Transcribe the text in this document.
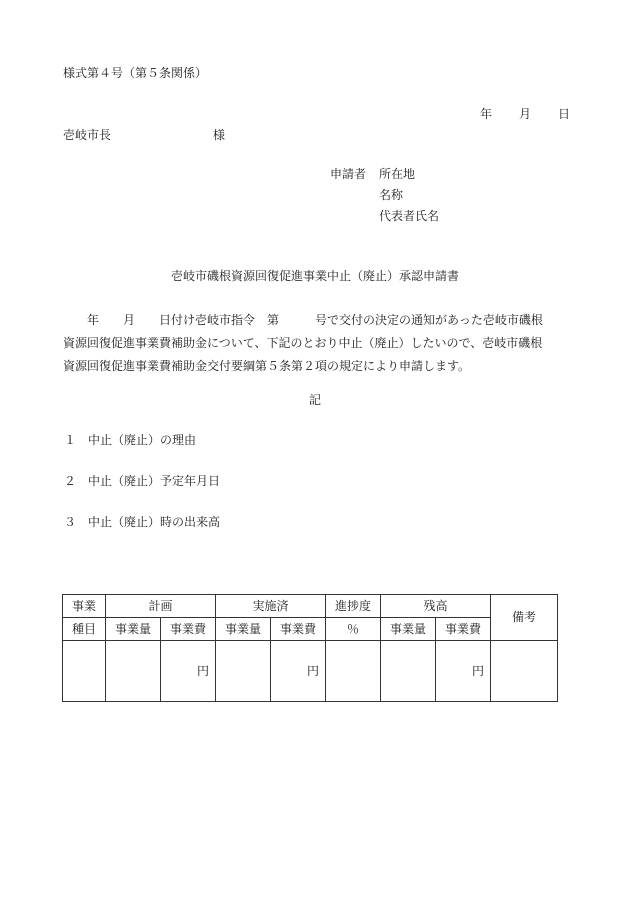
様式第４号（第５条関係）
年 月 日
壱岐市長	様
申請者 所在地
名称
代表者氏名
壱岐市磯根資源回復促進事業中止（廃止）承認申請書
　　年　　月　　日付け壱岐市指令　第　　　号で交付の決定の通知があった壱岐市磯根
資源回復促進事業費補助金について、下記のとおり中止（廃止）したいので、壱岐市磯根
資源回復促進事業費補助金交付要綱第５条第２項の規定により申請します。
記
１ 中止（廃止）の理由
２ 中止（廃止）予定年月日
３ 中止（廃止）時の出来高
事業	計画		実施済		進捗度	残高		備考
種目	事業量	事業費	事業量	事業費	％	事業量	事業費	
		円		円			円	
